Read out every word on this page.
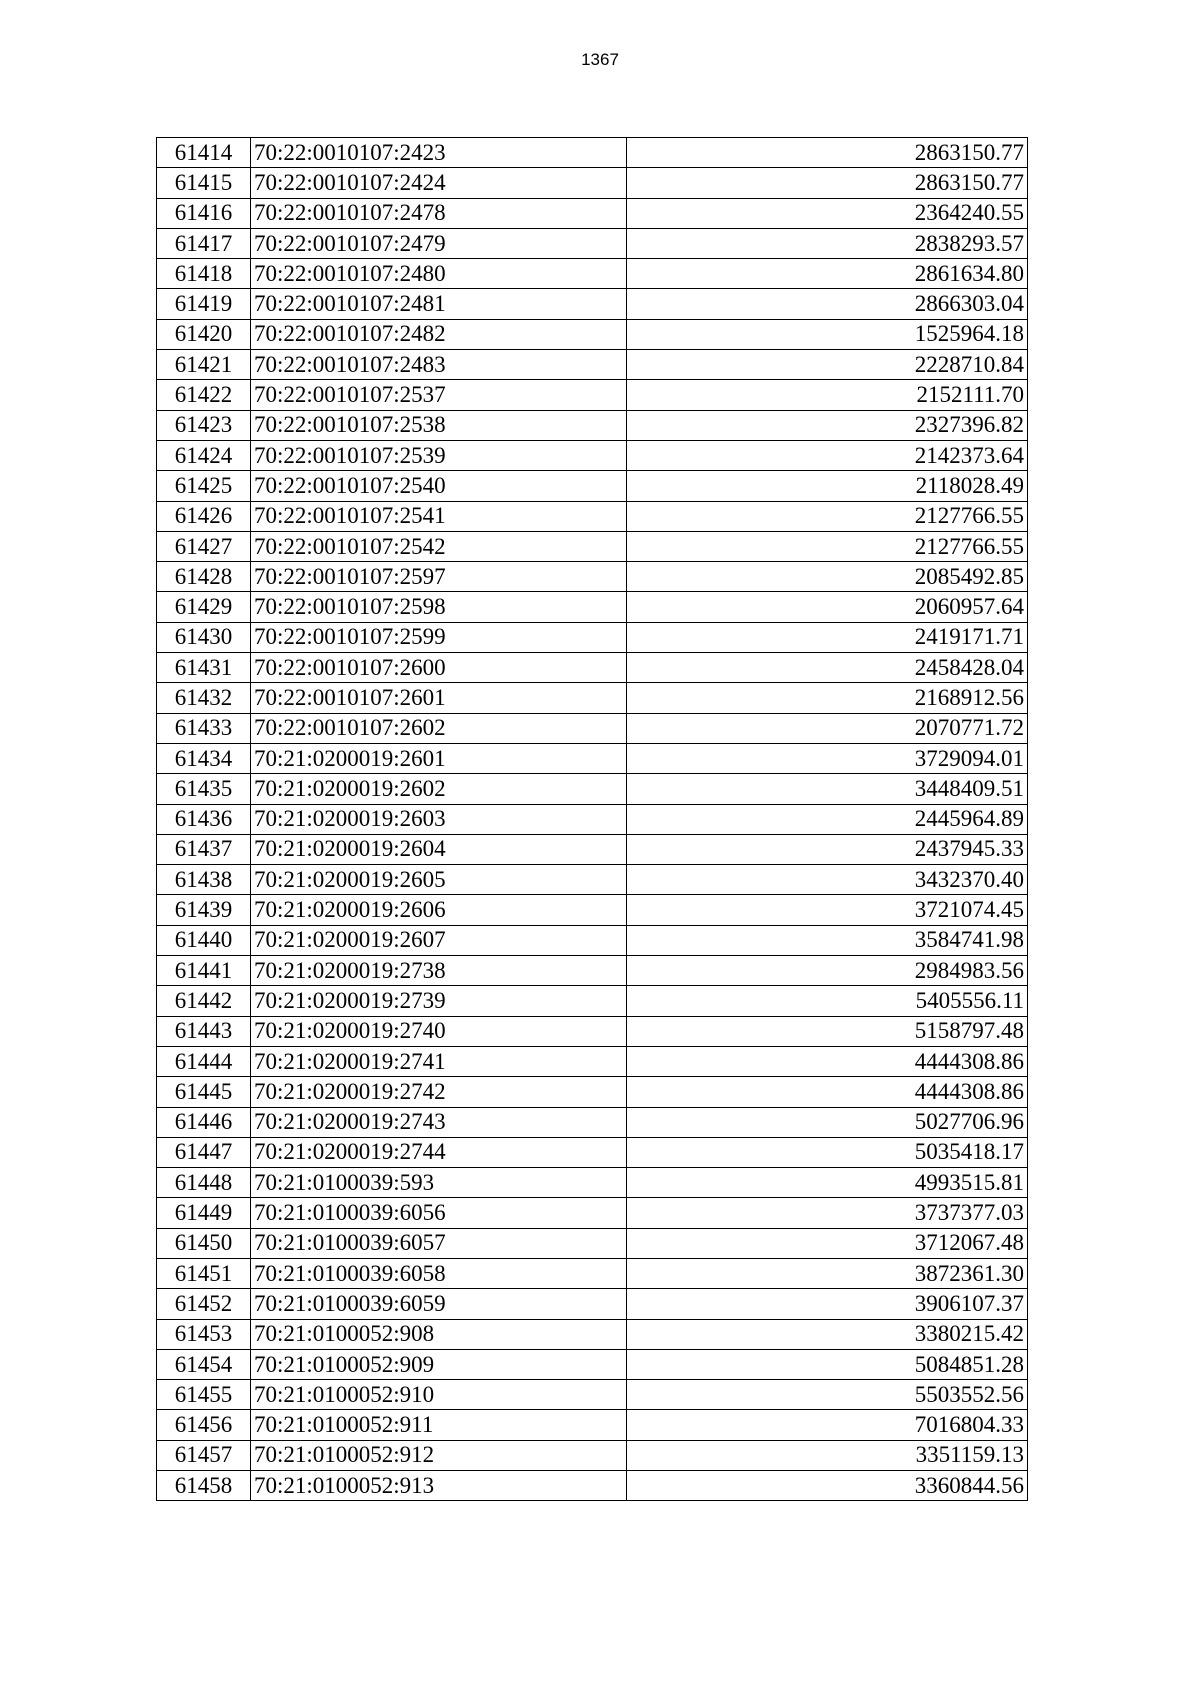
1367
61414	70:22:0010107:2423	2863150.77
61415	70:22:0010107:2424	2863150.77
61416	70:22:0010107:2478	2364240.55
61417	70:22:0010107:2479	2838293.57
61418	70:22:0010107:2480	2861634.80
61419	70:22:0010107:2481	2866303.04
61420	70:22:0010107:2482	1525964.18
61421	70:22:0010107:2483	2228710.84
61422	70:22:0010107:2537	2152111.70
61423	70:22:0010107:2538	2327396.82
61424	70:22:0010107:2539	2142373.64
61425	70:22:0010107:2540	2118028.49
61426	70:22:0010107:2541	2127766.55
61427	70:22:0010107:2542	2127766.55
61428	70:22:0010107:2597	2085492.85
61429	70:22:0010107:2598	2060957.64
61430	70:22:0010107:2599	2419171.71
61431	70:22:0010107:2600	2458428.04
61432	70:22:0010107:2601	2168912.56
61433	70:22:0010107:2602	2070771.72
61434	70:21:0200019:2601	3729094.01
61435	70:21:0200019:2602	3448409.51
61436	70:21:0200019:2603	2445964.89
61437	70:21:0200019:2604	2437945.33
61438	70:21:0200019:2605	3432370.40
61439	70:21:0200019:2606	3721074.45
61440	70:21:0200019:2607	3584741.98
61441	70:21:0200019:2738	2984983.56
61442	70:21:0200019:2739	5405556.11
61443	70:21:0200019:2740	5158797.48
61444	70:21:0200019:2741	4444308.86
61445	70:21:0200019:2742	4444308.86
61446	70:21:0200019:2743	5027706.96
61447	70:21:0200019:2744	5035418.17
61448	70:21:0100039:593	4993515.81
61449	70:21:0100039:6056	3737377.03
61450	70:21:0100039:6057	3712067.48
61451	70:21:0100039:6058	3872361.30
61452	70:21:0100039:6059	3906107.37
61453	70:21:0100052:908	3380215.42
61454	70:21:0100052:909	5084851.28
61455	70:21:0100052:910	5503552.56
61456	70:21:0100052:911	7016804.33
61457	70:21:0100052:912	3351159.13
61458	70:21:0100052:913	3360844.56
